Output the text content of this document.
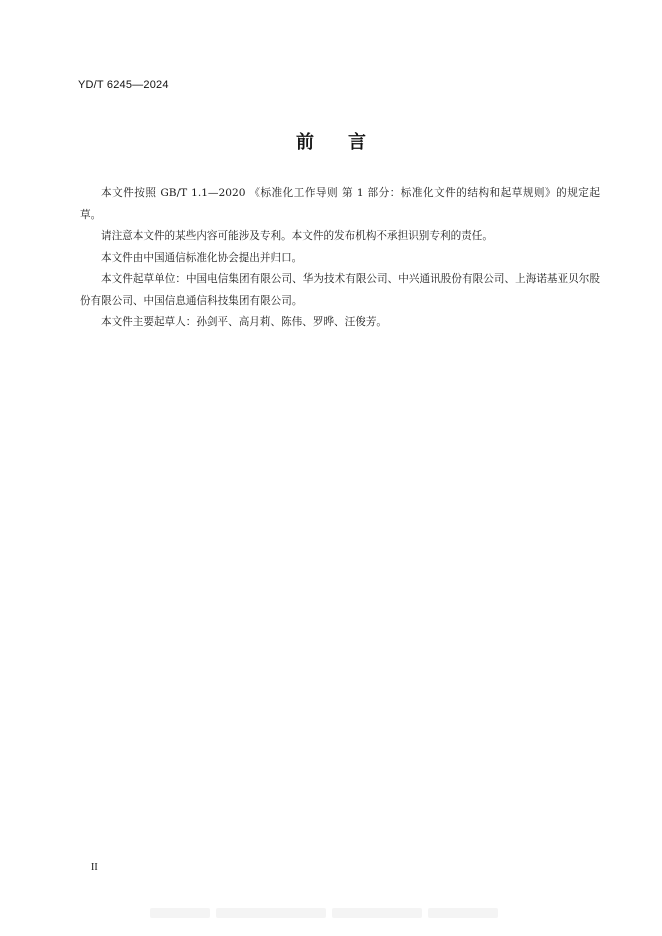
YD/T 6245—2024
前 言

本文件按照 GB/T 1.1—2020 《标准化工作导则 第 1 部分：标准化文件的结构和起草规则》的规定起草。

请注意本文件的某些内容可能涉及专利。本文件的发布机构不承担识别专利的责任。

本文件由中国通信标准化协会提出并归口。

本文件起草单位：中国电信集团有限公司、华为技术有限公司、中兴通讯股份有限公司、上海诺基亚贝尔股份有限公司、中国信息通信科技集团有限公司。

本文件主要起草人：孙剑平、高月莉、陈伟、罗晔、汪俊芳。

II
